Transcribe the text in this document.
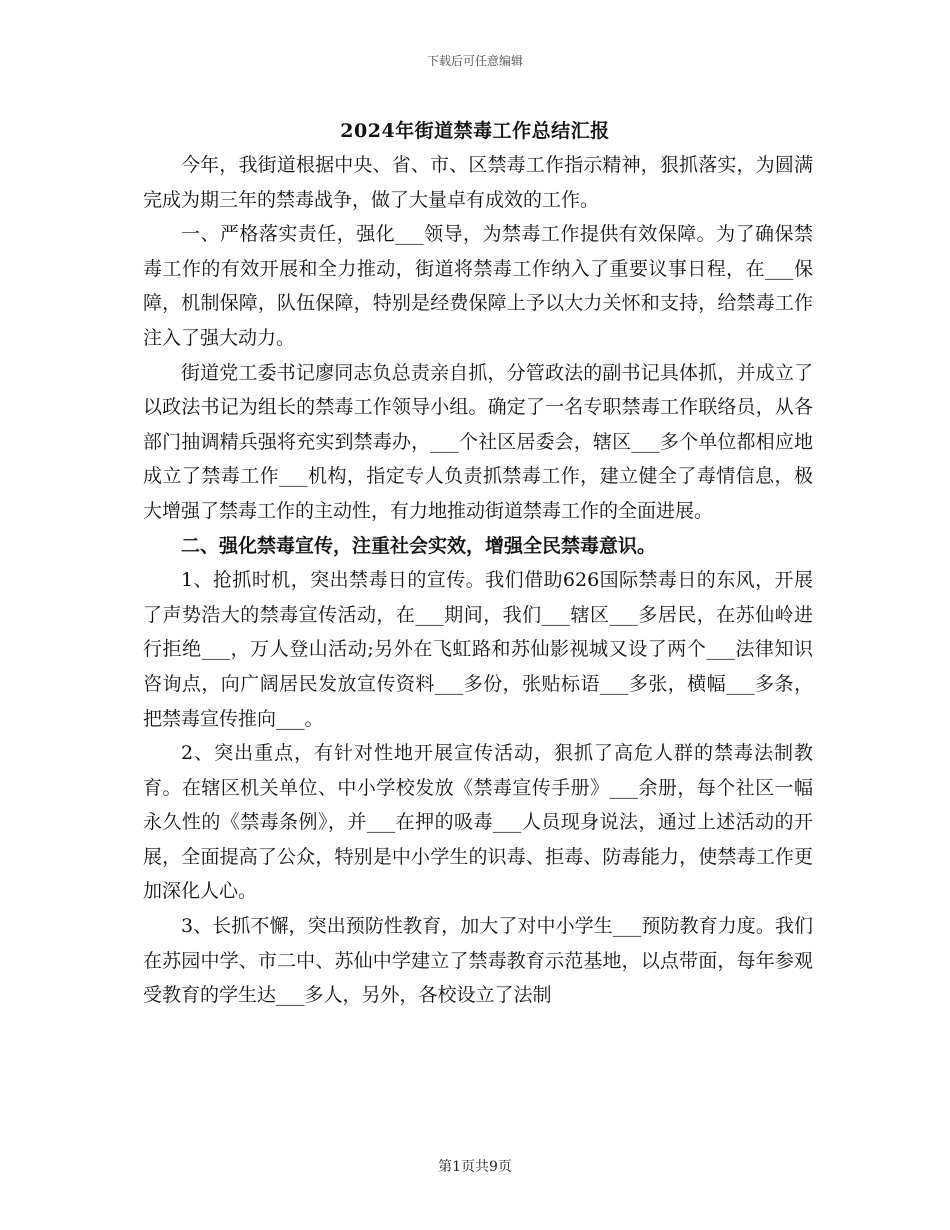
下载后可任意编辑
2024年街道禁毒工作总结汇报

今年，我街道根据中央、省、市、区禁毒工作指示精神，狠抓落实，为圆满完成为期三年的禁毒战争，做了大量卓有成效的工作。

一、严格落实责任，强化___领导，为禁毒工作提供有效保障。为了确保禁毒工作的有效开展和全力推动，街道将禁毒工作纳入了重要议事日程，在___保障，机制保障，队伍保障，特别是经费保障上予以大力关怀和支持，给禁毒工作注入了强大动力。

街道党工委书记廖同志负总责亲自抓，分管政法的副书记具体抓，并成立了以政法书记为组长的禁毒工作领导小组。确定了一名专职禁毒工作联络员，从各部门抽调精兵强将充实到禁毒办，___个社区居委会，辖区___多个单位都相应地成立了禁毒工作___机构，指定专人负责抓禁毒工作，建立健全了毒情信息，极大增强了禁毒工作的主动性，有力地推动街道禁毒工作的全面进展。

二、强化禁毒宣传，注重社会实效，增强全民禁毒意识。

1、抢抓时机，突出禁毒日的宣传。我们借助626国际禁毒日的东风，开展了声势浩大的禁毒宣传活动，在___期间，我们___辖区___多居民，在苏仙岭进行拒绝___，万人登山活动;另外在飞虹路和苏仙影视城又设了两个___法律知识咨询点，向广阔居民发放宣传资料___多份，张贴标语___多张，横幅___多条，把禁毒宣传推向___。

2、突出重点，有针对性地开展宣传活动，狠抓了高危人群的禁毒法制教育。在辖区机关单位、中小学校发放《禁毒宣传手册》___余册，每个社区一幅永久性的《禁毒条例》，并___在押的吸毒___人员现身说法，通过上述活动的开展，全面提高了公众，特别是中小学生的识毒、拒毒、防毒能力，使禁毒工作更加深化人心。

3、长抓不懈，突出预防性教育，加大了对中小学生___预防教育力度。我们在苏园中学、市二中、苏仙中学建立了禁毒教育示范基地，以点带面，每年参观受教育的学生达___多人，另外，各校设立了法制

第1页共9页
